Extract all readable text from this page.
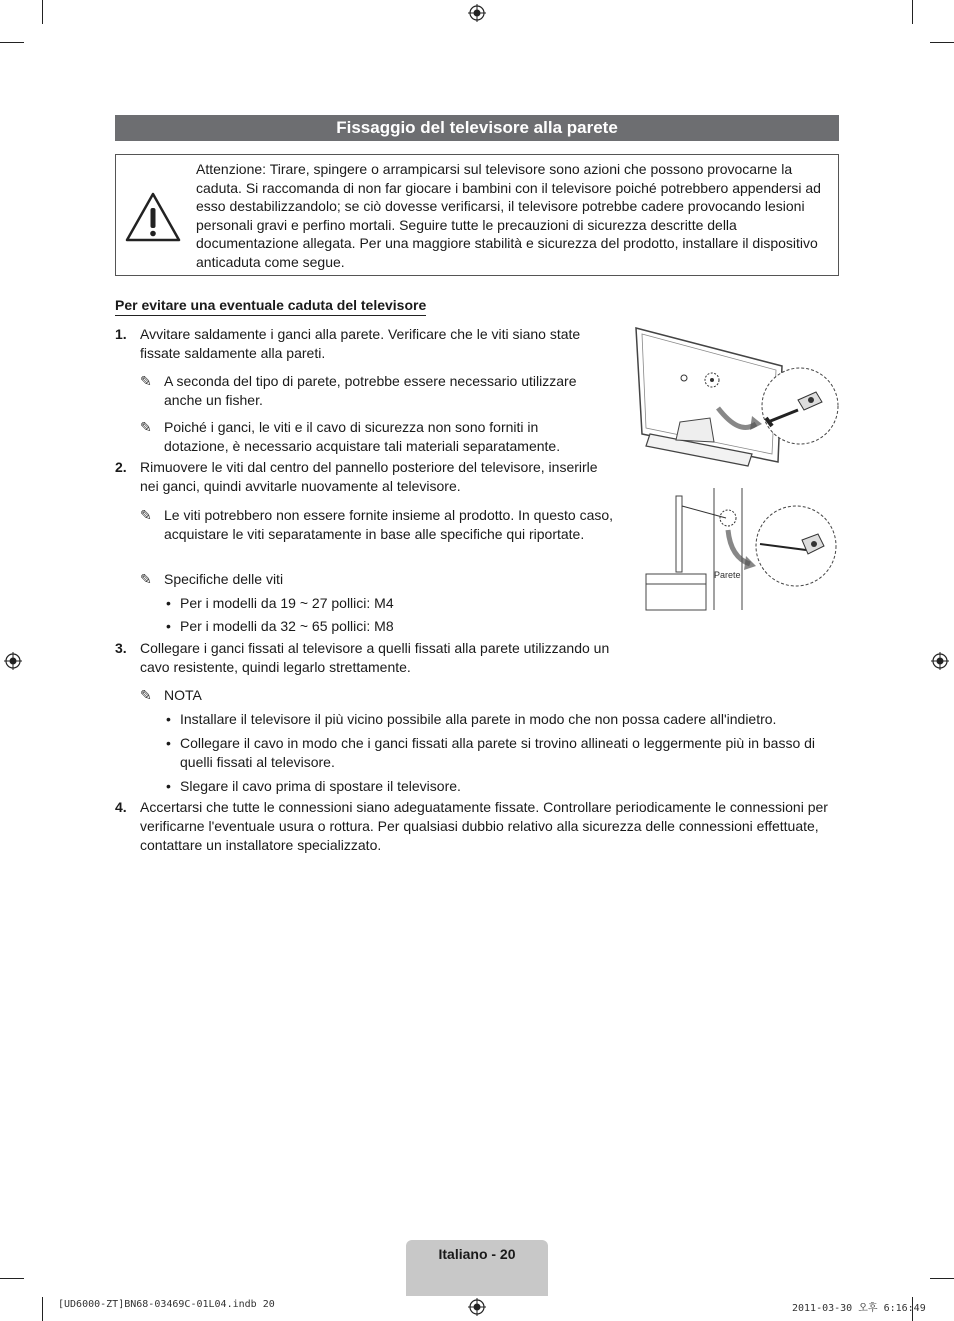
Fissaggio del televisore alla parete
Attenzione: Tirare, spingere o arrampicarsi sul televisore sono azioni che possono provocarne la caduta. Si raccomanda di non far giocare i bambini con il televisore poiché potrebbero appendersi ad esso destabilizzandolo; se ciò dovesse verificarsi, il televisore potrebbe cadere provocando lesioni personali gravi e perfino mortali. Seguire tutte le precauzioni di sicurezza descritte della documentazione allegata. Per una maggiore stabilità e sicurezza del prodotto, installare il dispositivo anticaduta come segue.
Per evitare una eventuale caduta del televisore
1. Avvitare saldamente i ganci alla parete. Verificare che le viti siano state fissate saldamente alla pareti.
✎ A seconda del tipo di parete, potrebbe essere necessario utilizzare anche un fisher.
✎ Poiché i ganci, le viti e il cavo di sicurezza non sono forniti in dotazione, è necessario acquistare tali materiali separatamente.
2. Rimuovere le viti dal centro del pannello posteriore del televisore, inserirle nei ganci, quindi avvitarle nuovamente al televisore.
✎ Le viti potrebbero non essere fornite insieme al prodotto. In questo caso, acquistare le viti separatamente in base alle specifiche qui riportate.
✎ Specifiche delle viti
• Per i modelli da 19 ~ 27 pollici: M4
• Per i modelli da 32 ~ 65 pollici: M8
3. Collegare i ganci fissati al televisore a quelli fissati alla parete utilizzando un cavo resistente, quindi legarlo strettamente.
✎ NOTA
• Installare il televisore il più vicino possibile alla parete in modo che non possa cadere all'indietro.
• Collegare il cavo in modo che i ganci fissati alla parete si trovino allineati o leggermente più in basso di quelli fissati al televisore.
• Slegare il cavo prima di spostare il televisore.
4. Accertarsi che tutte le connessioni siano adeguatamente fissate. Controllare periodicamente le connessioni per verificarne l'eventuale usura o rottura. Per qualsiasi dubbio relativo alla sicurezza delle connessioni effettuate, contattare un installatore specializzato.
Parete
Italiano - 20
[UD6000-ZT]BN68-03469C-01L04.indb 20	2011-03-30 오후 6:16:49
